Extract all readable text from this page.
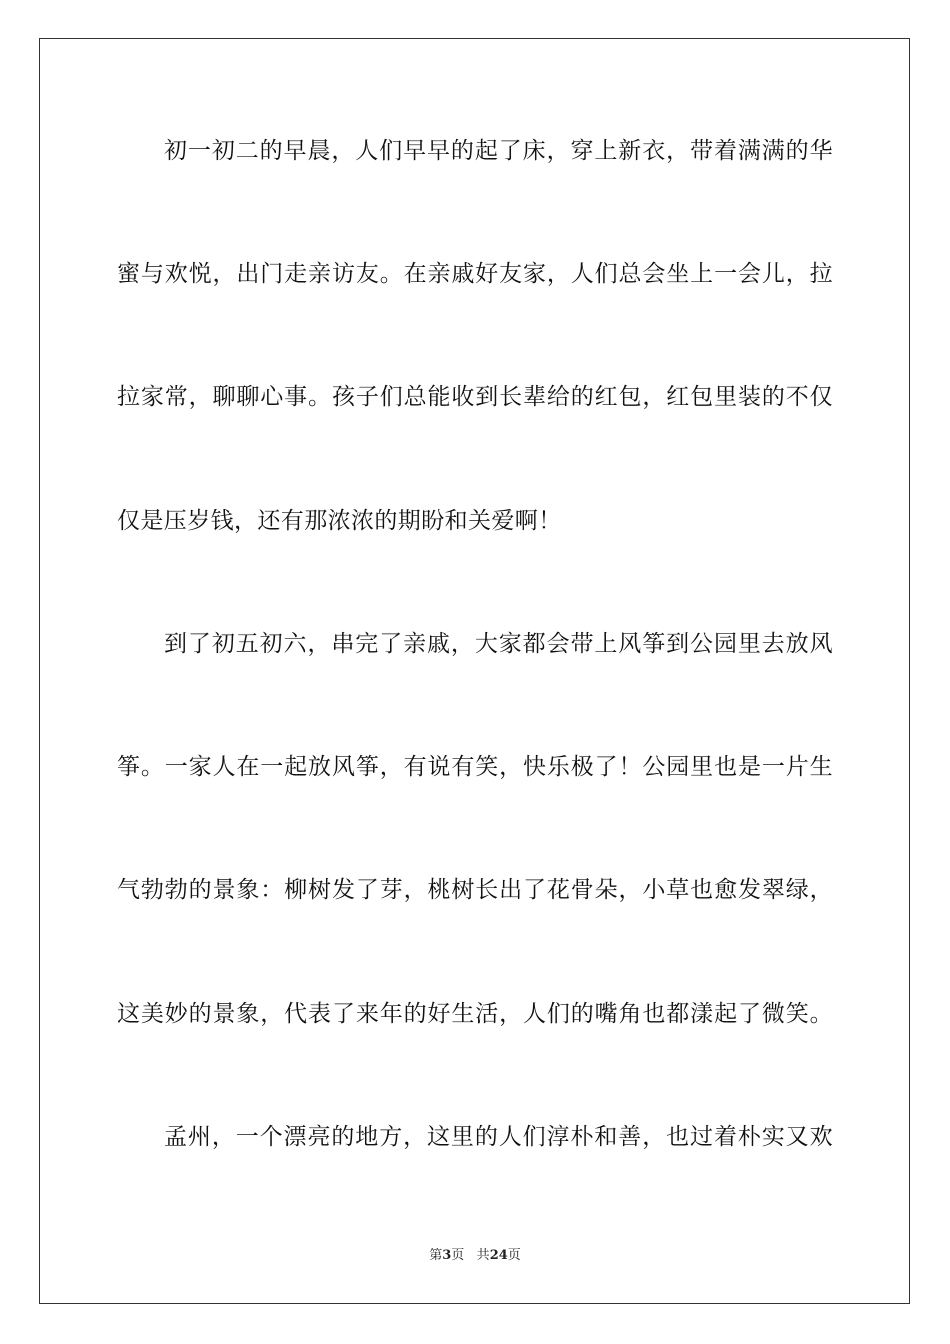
初一初二的早晨，人们早早的起了床，穿上新衣，带着满满的华
蜜与欢悦，出门走亲访友。在亲戚好友家，人们总会坐上一会儿，拉
拉家常，聊聊心事。孩子们总能收到长辈给的红包，红包里装的不仅
仅是压岁钱，还有那浓浓的期盼和关爱啊！
到了初五初六，串完了亲戚，大家都会带上风筝到公园里去放风
筝。一家人在一起放风筝，有说有笑，快乐极了！公园里也是一片生
气勃勃的景象：柳树发了芽，桃树长出了花骨朵，小草也愈发翠绿，
这美妙的景象，代表了来年的好生活，人们的嘴角也都漾起了微笑。
孟州，一个漂亮的地方，这里的人们淳朴和善，也过着朴实又欢
第3页 共24页
